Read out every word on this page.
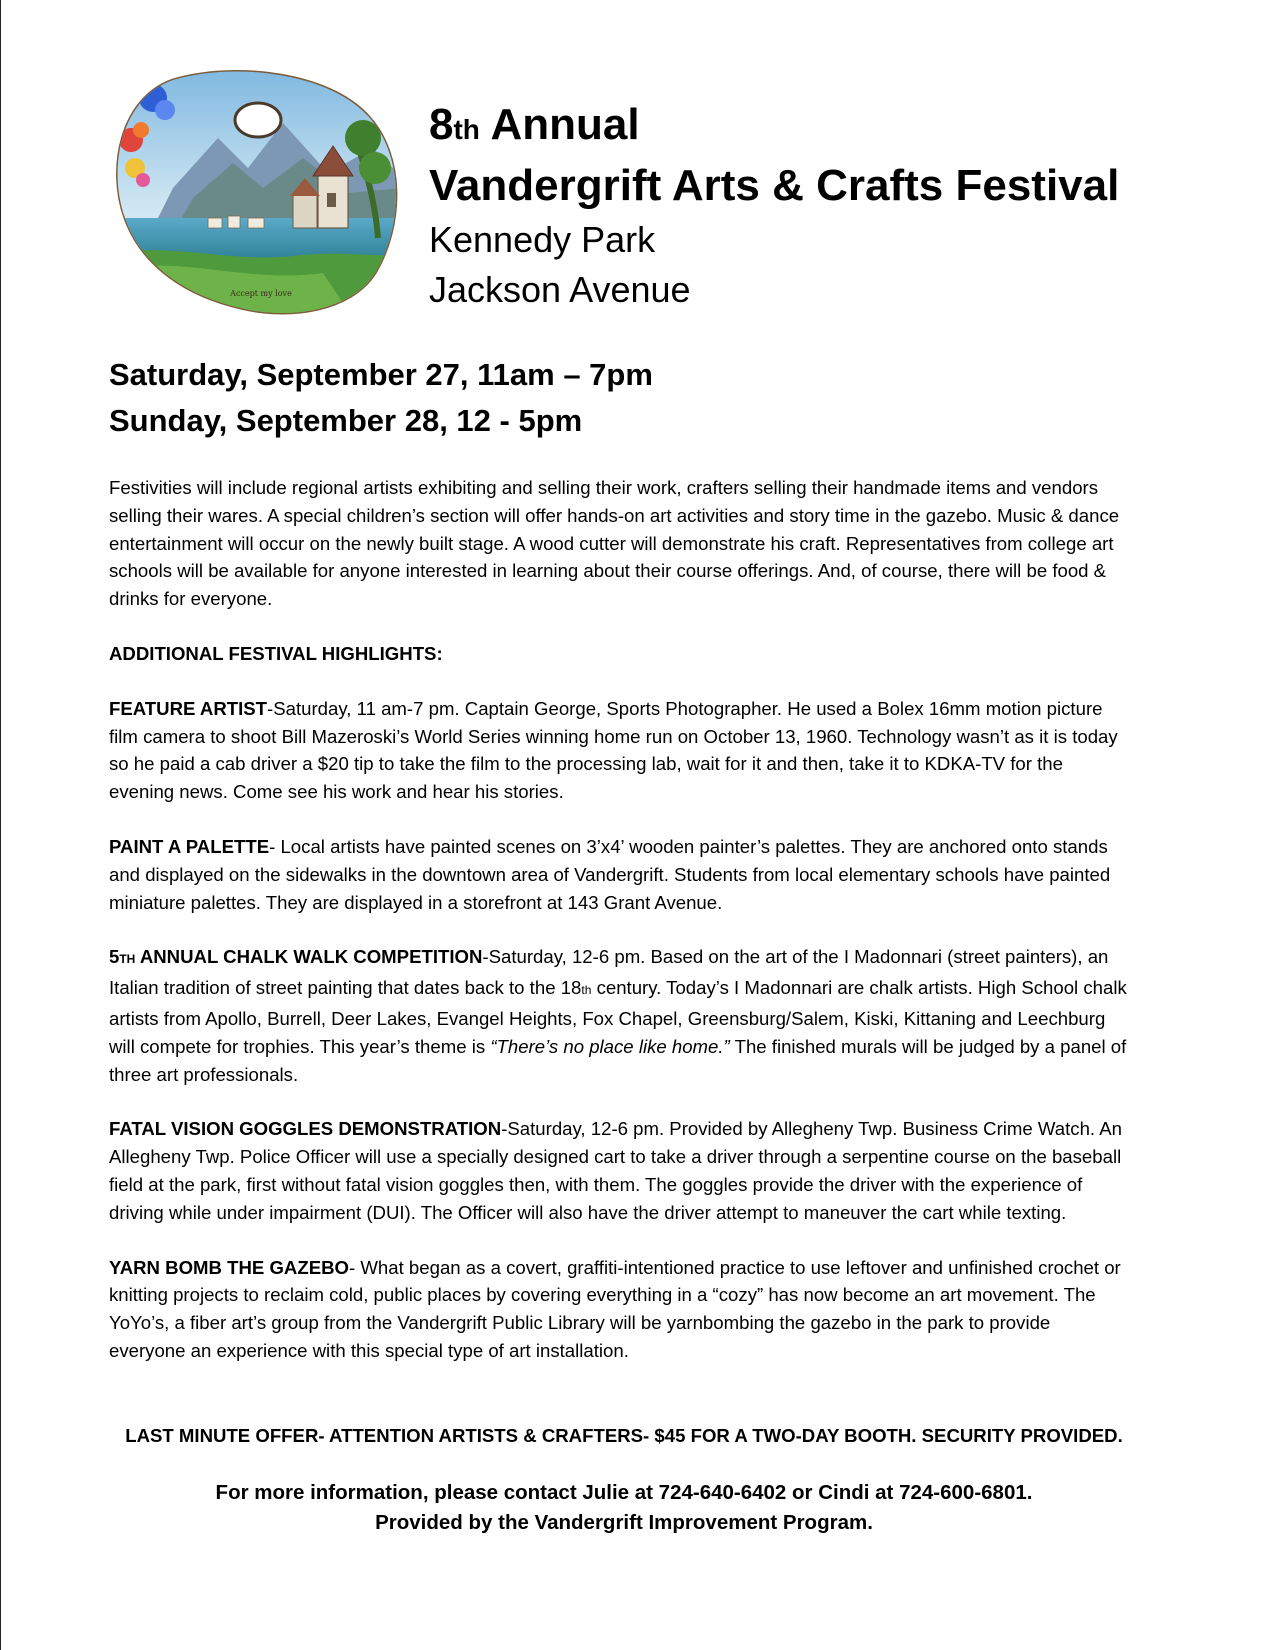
Accept my love
8th Annual
Vandergrift Arts & Crafts Festival
Kennedy Park
Jackson Avenue
Saturday, September 27, 11am – 7pm
Sunday, September 28, 12 - 5pm

Festivities will include regional artists exhibiting and selling their work, crafters selling their handmade items and vendors selling their wares. A special children’s section will offer hands-on art activities and story time in the gazebo. Music & dance entertainment will occur on the newly built stage. A wood cutter will demonstrate his craft. Representatives from college art schools will be available for anyone interested in learning about their course offerings. And, of course, there will be food & drinks for everyone.

ADDITIONAL FESTIVAL HIGHLIGHTS:

FEATURE ARTIST-Saturday, 11 am-7 pm. Captain George, Sports Photographer. He used a Bolex 16mm motion picture film camera to shoot Bill Mazeroski’s World Series winning home run on October 13, 1960. Technology wasn’t as it is today so he paid a cab driver a $20 tip to take the film to the processing lab, wait for it and then, take it to KDKA-TV for the evening news. Come see his work and hear his stories.

PAINT A PALETTE- Local artists have painted scenes on 3’x4’ wooden painter’s palettes. They are anchored onto stands and displayed on the sidewalks in the downtown area of Vandergrift. Students from local elementary schools have painted miniature palettes. They are displayed in a storefront at 143 Grant Avenue.

5TH ANNUAL CHALK WALK COMPETITION-Saturday, 12-6 pm. Based on the art of the I Madonnari (street painters), an Italian tradition of street painting that dates back to the 18th century. Today’s I Madonnari are chalk artists. High School chalk artists from Apollo, Burrell, Deer Lakes, Evangel Heights, Fox Chapel, Greensburg/Salem, Kiski, Kittaning and Leechburg will compete for trophies. This year’s theme is “There’s no place like home.” The finished murals will be judged by a panel of three art professionals.

FATAL VISION GOGGLES DEMONSTRATION-Saturday, 12-6 pm. Provided by Allegheny Twp. Business Crime Watch. An Allegheny Twp. Police Officer will use a specially designed cart to take a driver through a serpentine course on the baseball field at the park, first without fatal vision goggles then, with them. The goggles provide the driver with the experience of driving while under impairment (DUI). The Officer will also have the driver attempt to maneuver the cart while texting.

YARN BOMB THE GAZEBO- What began as a covert, graffiti-intentioned practice to use leftover and unfinished crochet or knitting projects to reclaim cold, public places by covering everything in a “cozy” has now become an art movement. The YoYo’s, a fiber art’s group from the Vandergrift Public Library will be yarnbombing the gazebo in the park to provide everyone an experience with this special type of art installation.

LAST MINUTE OFFER- ATTENTION ARTISTS & CRAFTERS- $45 FOR A TWO-DAY BOOTH. SECURITY PROVIDED.
For more information, please contact Julie at 724-640-6402 or Cindi at 724-600-6801.
Provided by the Vandergrift Improvement Program.
